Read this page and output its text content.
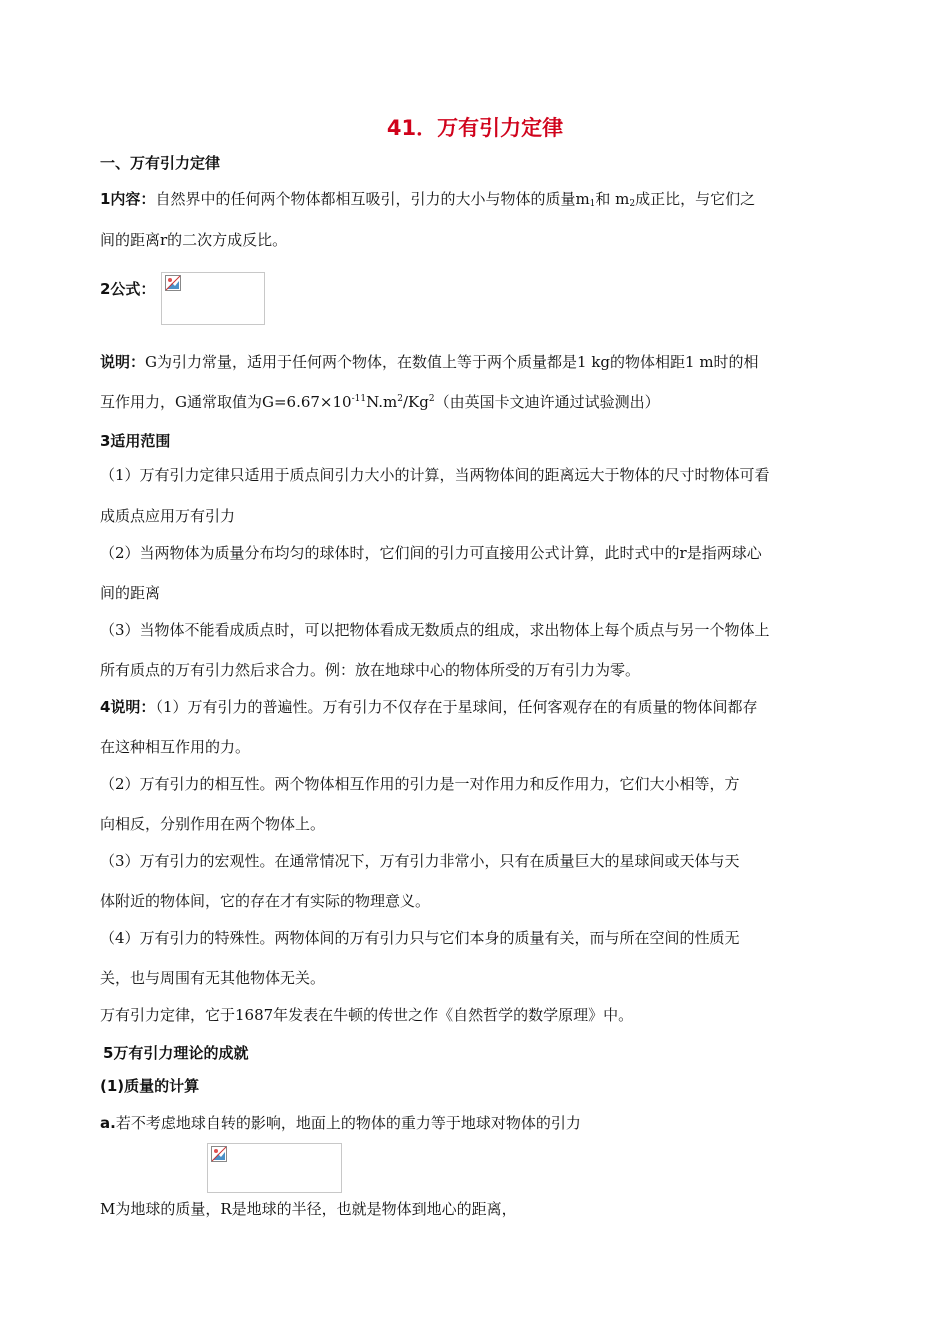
41．万有引力定律
一、万有引力定律
1内容：自然界中的任何两个物体都相互吸引，引力的大小与物体的质量$m_1$和 $m_2$成正比，与它们之
间的距离r的二次方成反比。
2公式：
说明：G为引力常量，适用于任何两个物体，在数值上等于两个质量都是1 kg的物体相距1 m时的相
互作用力，G通常取值为$G=6.67\times 10^{-11}N.m^2/Kg^2$（由英国卡文迪许通过试验测出）
3适用范围
（1）万有引力定律只适用于质点间引力大小的计算，当两物体间的距离远大于物体的尺寸时物体可看
成质点应用万有引力
（2）当两物体为质量分布均匀的球体时，它们间的引力可直接用公式计算，此时式中的r是指两球心
间的距离
（3）当物体不能看成质点时，可以把物体看成无数质点的组成，求出物体上每个质点与另一个物体上
所有质点的万有引力然后求合力。例：放在地球中心的物体所受的万有引力为零。
4说明：（1）万有引力的普遍性。万有引力不仅存在于星球间，任何客观存在的有质量的物体间都存
在这种相互作用的力。
（2）万有引力的相互性。两个物体相互作用的引力是一对作用力和反作用力，它们大小相等，方
向相反，分别作用在两个物体上。
（3）万有引力的宏观性。在通常情况下，万有引力非常小，只有在质量巨大的星球间或天体与天
体附近的物体间，它的存在才有实际的物理意义。
（4）万有引力的特殊性。两物体间的万有引力只与它们本身的质量有关，而与所在空间的性质无
关，也与周围有无其他物体无关。
万有引力定律，它于1687年发表在牛顿的传世之作《自然哲学的数学原理》中。
5万有引力理论的成就
(1)质量的计算
a.若不考虑地球自转的影响，地面上的物体的重力等于地球对物体的引力
M为地球的质量，R是地球的半径，也就是物体到地心的距离，
